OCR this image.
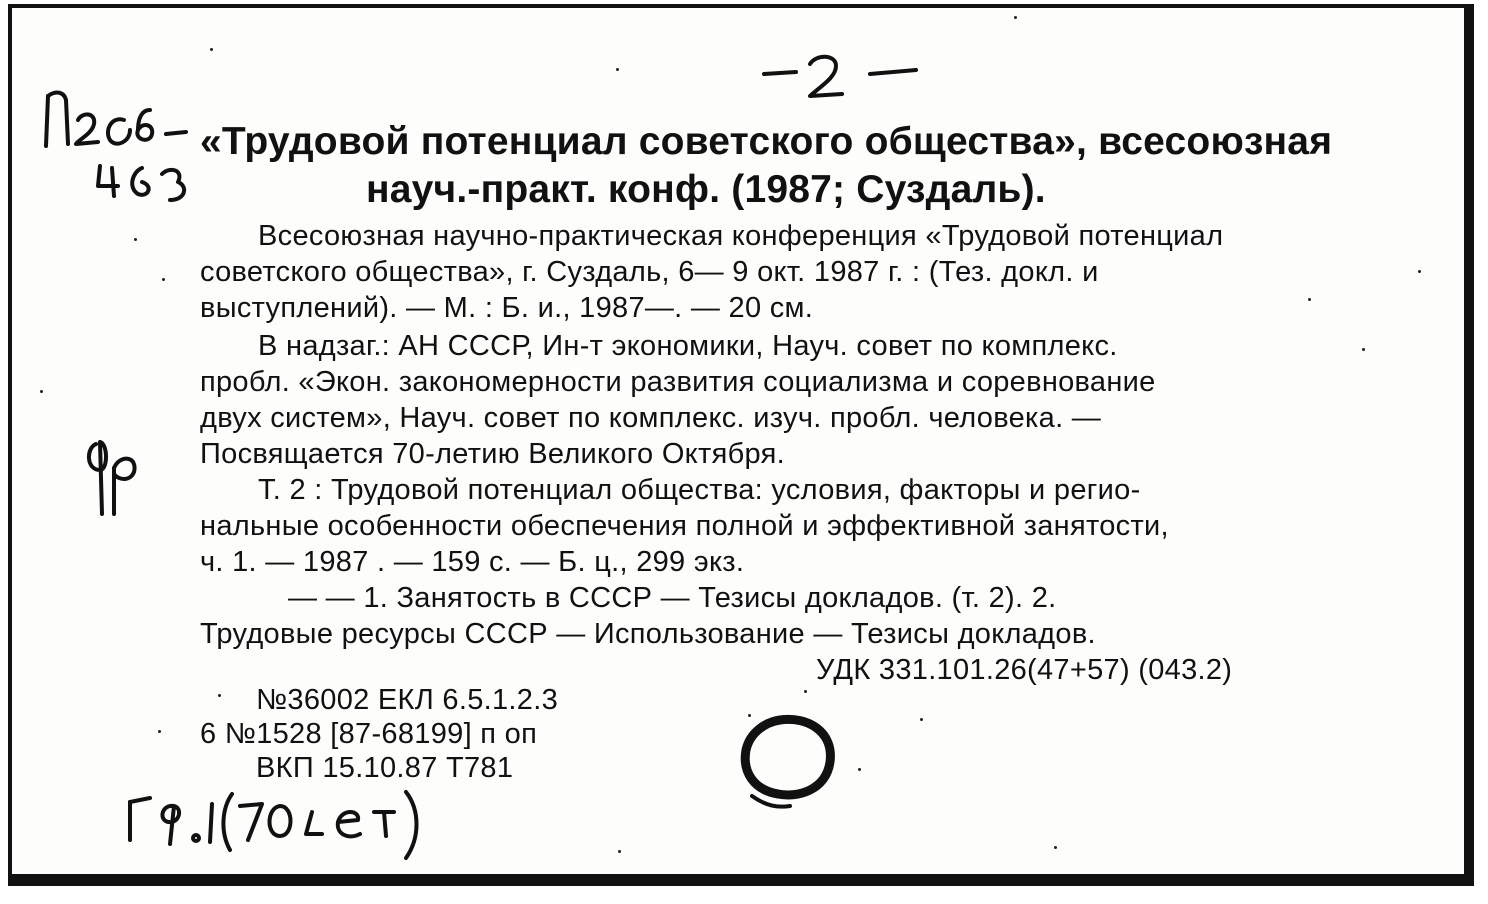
«Трудовой потенциал советского общества», всесоюзная
науч.-практ. конф. (1987; Суздаль).
Всесоюзная научно-практическая конференция «Трудовой потенциал
советского общества», г. Суздаль, 6— 9 окт. 1987 г. : (Тез. докл. и
выступлений). — М. : Б. и., 1987—. — 20 см.
В надзаг.: АН СССР, Ин-т экономики, Науч. совет по комплекс.
пробл. «Экон. закономерности развития социализма и соревнование
двух систем», Науч. совет по комплекс. изуч. пробл. человека. —
Посвящается 70-летию Великого Октября.
Т. 2 : Трудовой потенциал общества: условия, факторы и регио-
нальные особенности обеспечения полной и эффективной занятости,
ч. 1. — 1987 . — 159 с. — Б. ц., 299 экз.
— — 1. Занятость в СССР — Тезисы докладов. (т. 2). 2.
Трудовые ресурсы СССР — Использование — Тезисы докладов.
УДК 331.101.26(47+57) (043.2)
№36002 ЕКЛ 6.5.1.2.3
6 №1528 [87-68199] п оп
ВКП 15.10.87 Т781
